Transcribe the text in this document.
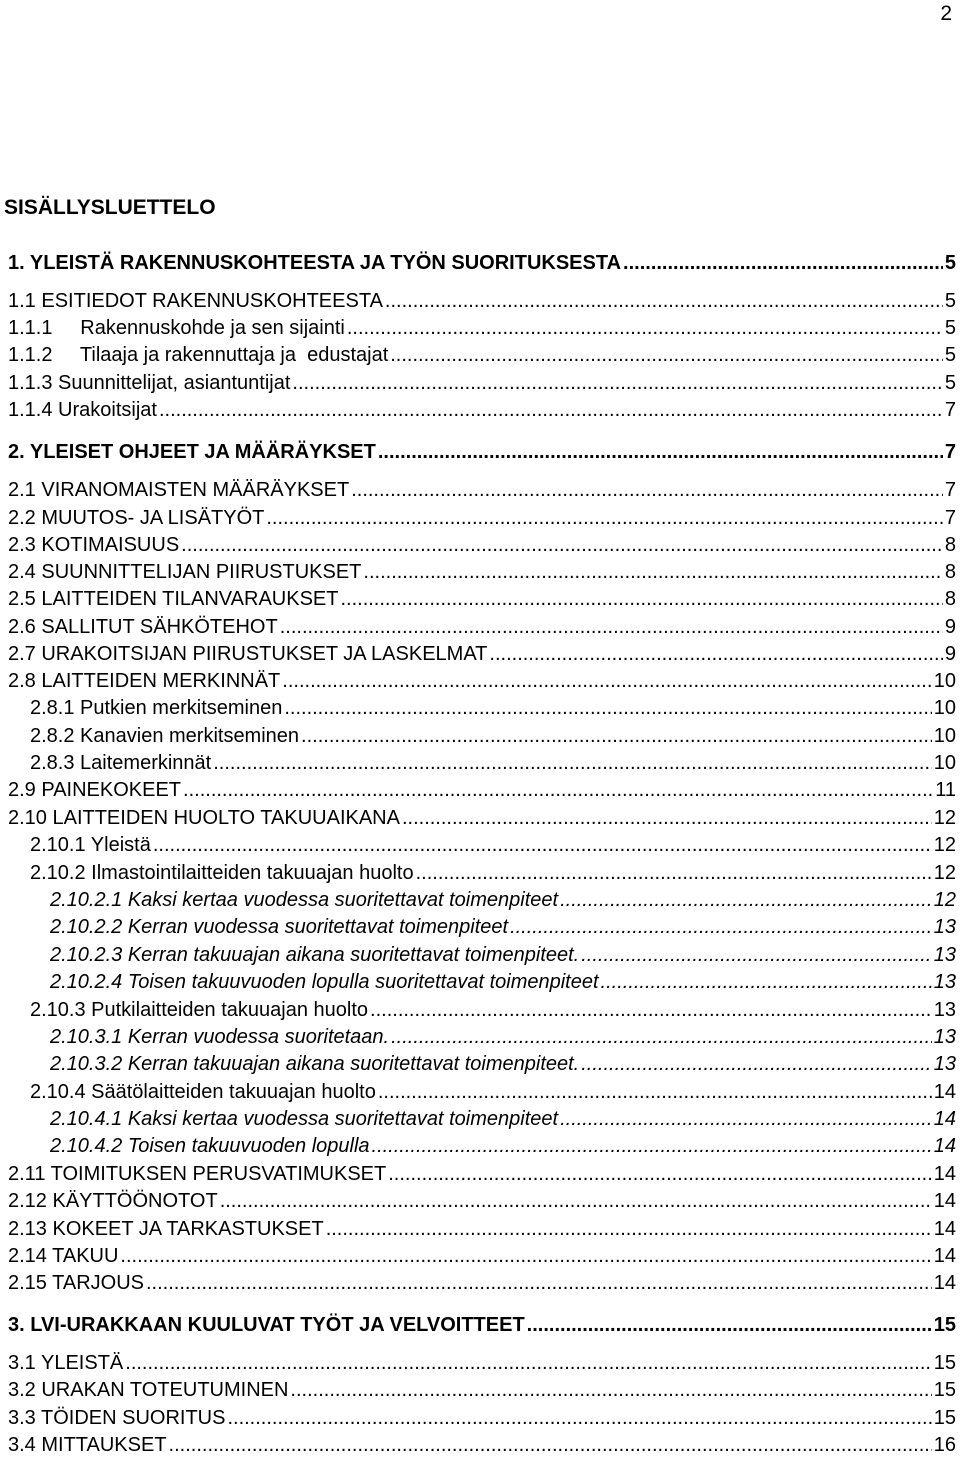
2
SISÄLLYSLUETTELO
1. YLEISTÄ RAKENNUSKOHTEESTA JA TYÖN SUORITUKSESTA .....	5
1.1 ESITIEDOT RAKENNUSKOHTEESTA .....	5
1.1.1     Rakennuskohde ja sen sijainti .....	5
1.1.2     Tilaaja ja rakennuttaja ja  edustajat .....	5
1.1.3 Suunnittelijat, asiantuntijat .....	5
1.1.4 Urakoitsijat .....	7
2. YLEISET OHJEET JA MÄÄRÄYKSET .....	7
2.1 VIRANOMAISTEN MÄÄRÄYKSET .....	7
2.2 MUUTOS- JA LISÄTYÖT .....	7
2.3 KOTIMAISUUS .....	8
2.4 SUUNNITTELIJAN PIIRUSTUKSET .....	8
2.5 LAITTEIDEN TILANVARAUKSET .....	8
2.6 SALLITUT SÄHKÖTEHOT .....	9
2.7 URAKOITSIJAN PIIRUSTUKSET JA LASKELMAT .....	9
2.8 LAITTEIDEN MERKINNÄT .....	10
2.8.1 Putkien merkitseminen .....	10
2.8.2 Kanavien merkitseminen .....	10
2.8.3 Laitemerkinnät .....	10
2.9 PAINEKOKEET .....	11
2.10 LAITTEIDEN HUOLTO TAKUUAIKANA .....	12
2.10.1 Yleistä .....	12
2.10.2 Ilmastointilaitteiden takuuajan huolto .....	12
2.10.2.1 Kaksi kertaa vuodessa suoritettavat toimenpiteet .....	12
2.10.2.2 Kerran vuodessa suoritettavat toimenpiteet .....	13
2.10.2.3 Kerran takuuajan aikana suoritettavat toimenpiteet. .....	13
2.10.2.4 Toisen takuuvuoden lopulla suoritettavat toimenpiteet .....	13
2.10.3 Putkilaitteiden takuuajan huolto .....	13
2.10.3.1 Kerran vuodessa suoritetaan. .....	13
2.10.3.2 Kerran takuuajan aikana suoritettavat toimenpiteet. .....	13
2.10.4 Säätölaitteiden takuuajan huolto .....	14
2.10.4.1 Kaksi kertaa vuodessa suoritettavat toimenpiteet .....	14
2.10.4.2 Toisen takuuvuoden lopulla .....	14
2.11 TOIMITUKSEN PERUSVATIMUKSET .....	14
2.12 KÄYTTÖÖNOTOT .....	14
2.13 KOKEET JA TARKASTUKSET .....	14
2.14 TAKUU .....	14
2.15 TARJOUS .....	14
3. LVI-URAKKAAN KUULUVAT TYÖT JA VELVOITTEET .....	15
3.1 YLEISTÄ .....	15
3.2 URAKAN TOTEUTUMINEN .....	15
3.3 TÖIDEN SUORITUS .....	15
3.4 MITTAUKSET .....	16
